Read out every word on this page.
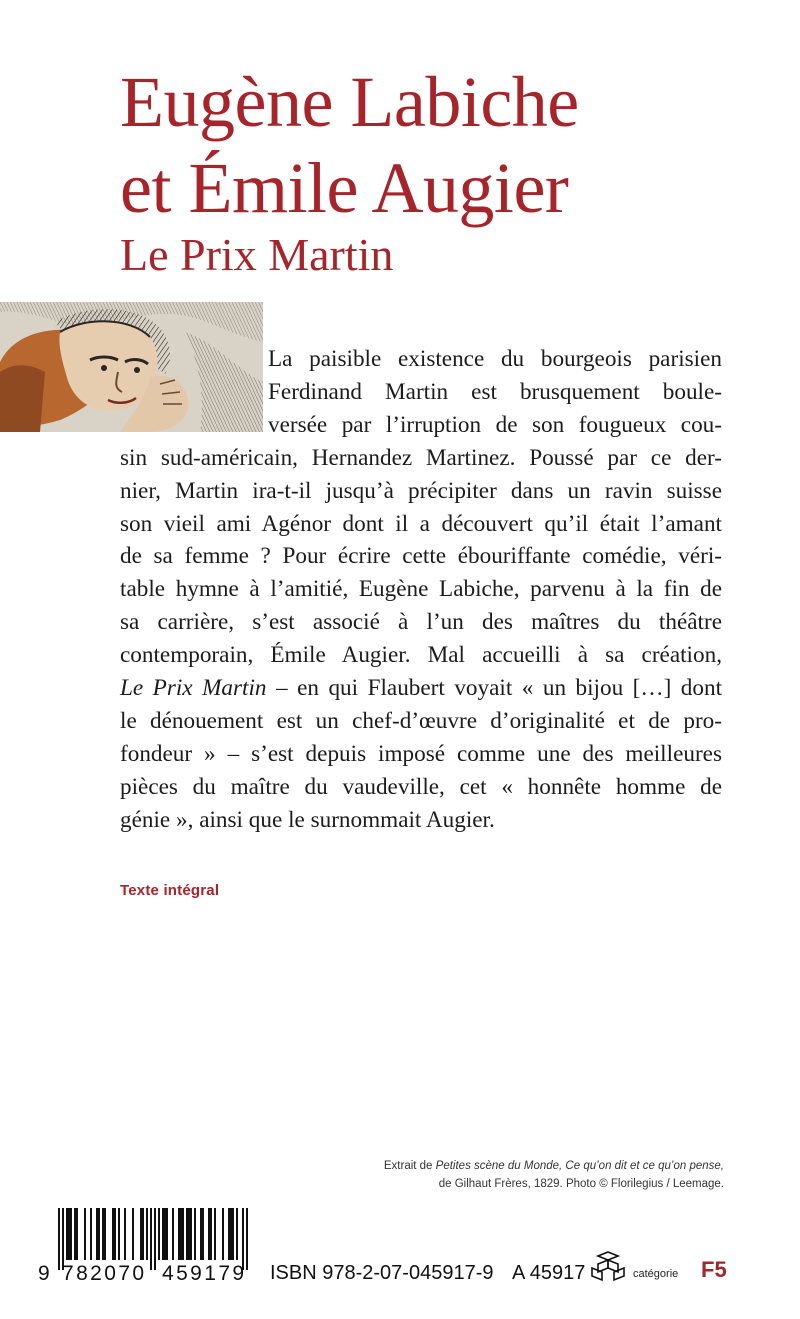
Eugène Labiche
et Émile Augier
Le Prix Martin

La paisible existence du bourgeois parisien
Ferdinand Martin est brusquement boule-
versée par l’irruption de son fougueux cou-
sin sud-américain, Hernandez Martinez. Poussé par ce der-
nier, Martin ira-t-il jusqu’à précipiter dans un ravin suisse
son vieil ami Agénor dont il a découvert qu’il était l’amant
de sa femme ? Pour écrire cette ébouriffante comédie, véri-
table hymne à l’amitié, Eugène Labiche, parvenu à la fin de
sa carrière, s’est associé à l’un des maîtres du théâtre
contemporain, Émile Augier. Mal accueilli à sa création,
Le Prix Martin – en qui Flaubert voyait « un bijou […] dont
le dénouement est un chef-d’œuvre d’originalité et de pro-
fondeur » – s’est depuis imposé comme une des meilleures
pièces du maître du vaudeville, cet « honnête homme de
génie », ainsi que le surnommait Augier.

Texte intégral

Extrait de Petites scène du Monde, Ce qu’on dit et ce qu’on pense,
de Gilhaut Frères, 1829. Photo © Florilegius / Leemage.
9 782070 459179 ISBN 978-2-07-045917-9 A 45917	catégorie F5
